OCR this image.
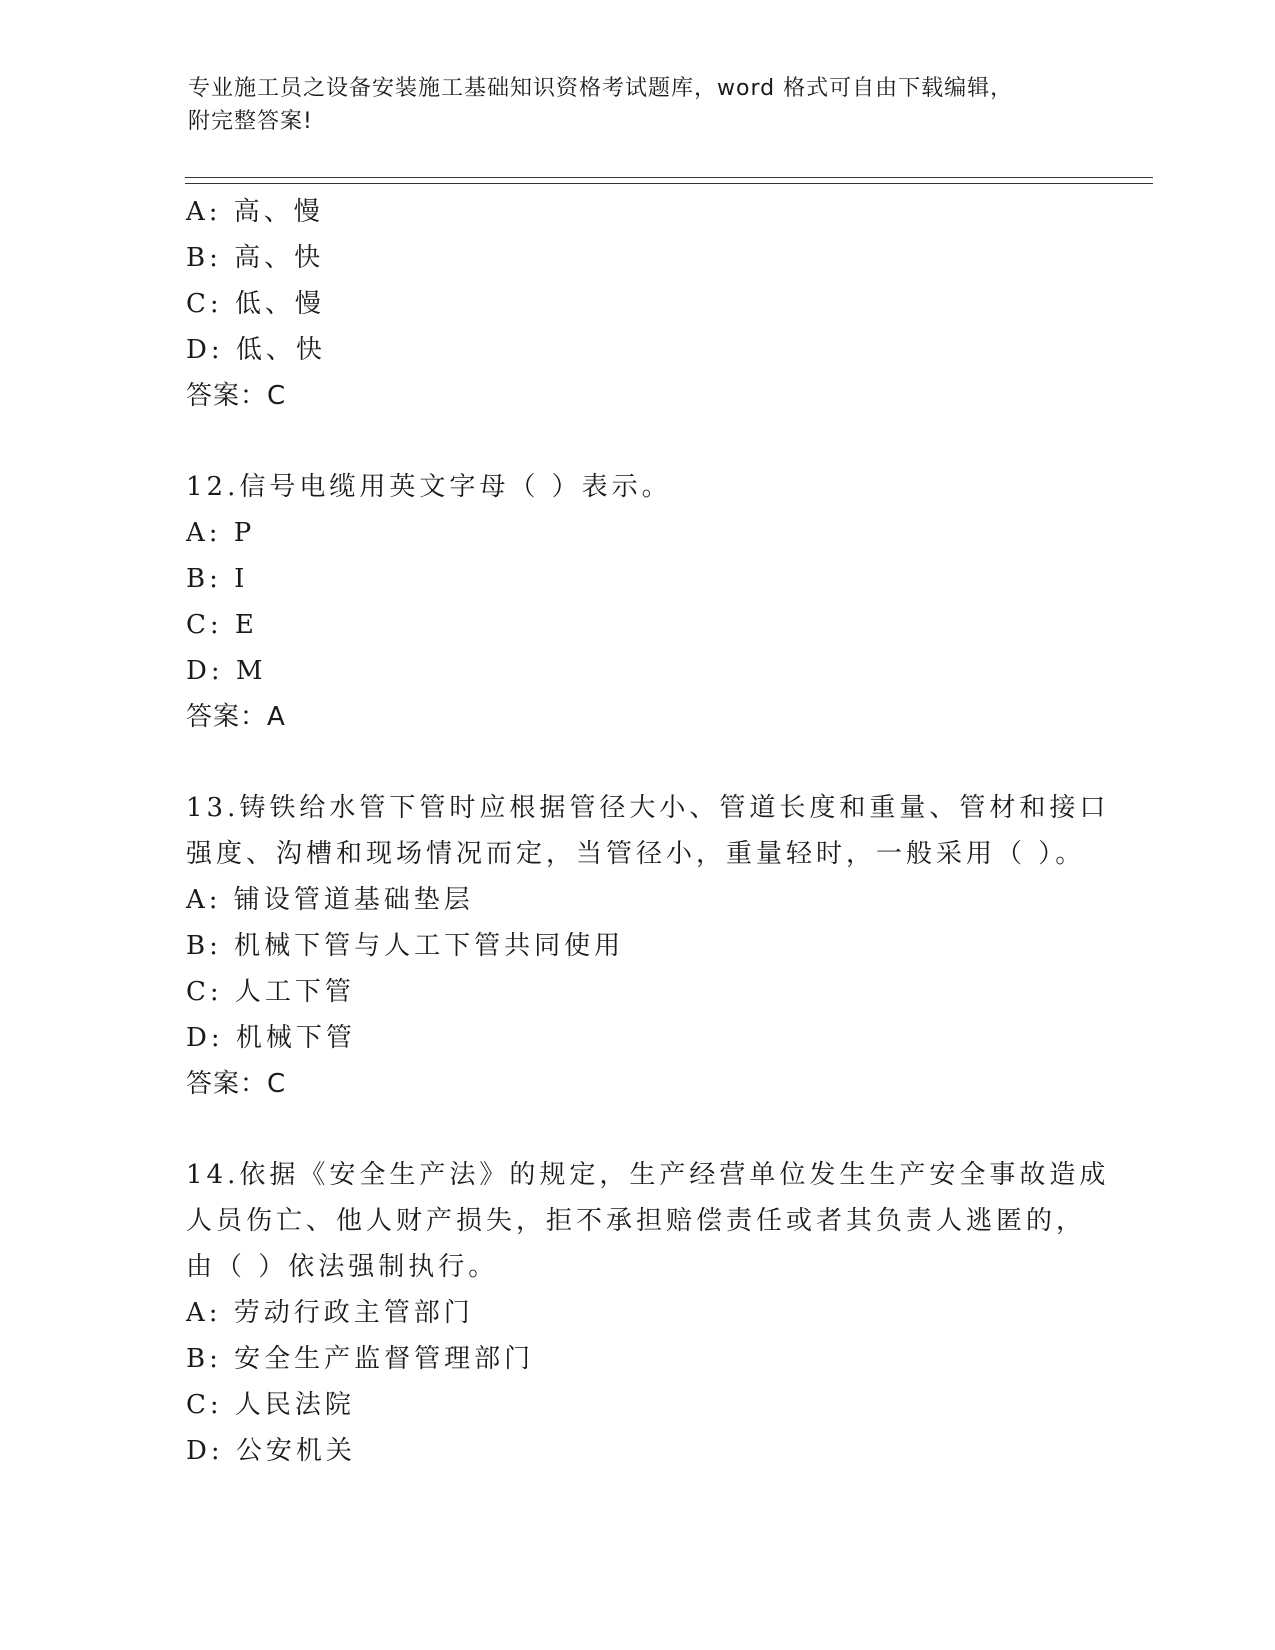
专业施工员之设备安装施工基础知识资格考试题库，word 格式可自由下载编辑，
附完整答案!
A: 高、慢
B: 高、快
C: 低、慢
D: 低、快
答案：C
12.信号电缆用英文字母（ ）表示。
A: P
B: I
C: E
D: M
答案：A
13.铸铁给水管下管时应根据管径大小、管道长度和重量、管材和接口
强度、沟槽和现场情况而定，当管径小，重量轻时，一般采用（ ）。
A: 铺设管道基础垫层
B: 机械下管与人工下管共同使用
C: 人工下管
D: 机械下管
答案：C
14.依据《安全生产法》的规定，生产经营单位发生生产安全事故造成
人员伤亡、他人财产损失，拒不承担赔偿责任或者其负责人逃匿的，
由（ ）依法强制执行。
A: 劳动行政主管部门
B: 安全生产监督管理部门
C: 人民法院
D: 公安机关
